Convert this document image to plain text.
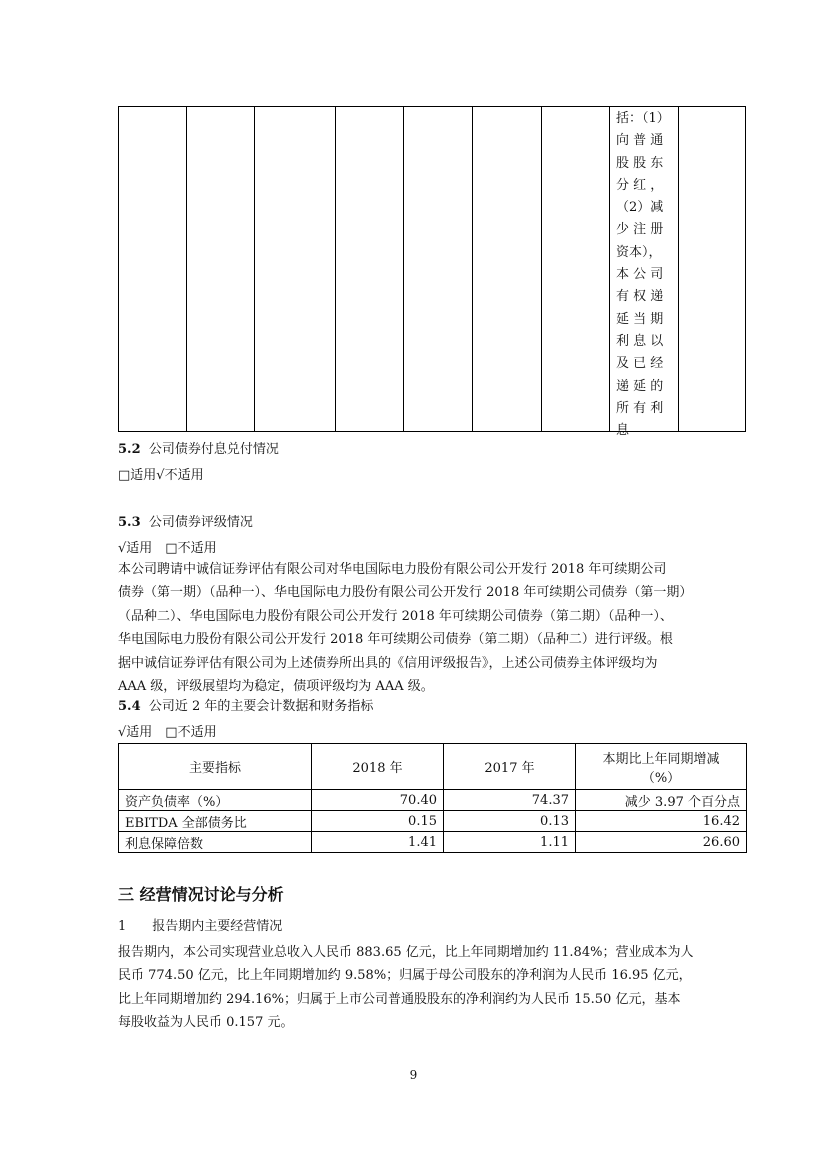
括：（1）
向 普 通
股 股 东
分 红 ，
（2）减
少 注 册
资本），
本 公 司
有 权 递
延 当 期
利 息 以
及 已 经
递 延 的
所 有 利
息
5.2 公司债券付息兑付情况
□适用√不适用
5.3 公司债券评级情况
√适用　□不适用
本公司聘请中诚信证券评估有限公司对华电国际电力股份有限公司公开发行 2018 年可续期公司
债券（第一期）（品种一）、华电国际电力股份有限公司公开发行 2018 年可续期公司债券（第一期）
（品种二）、华电国际电力股份有限公司公开发行 2018 年可续期公司债券（第二期）（品种一）、
华电国际电力股份有限公司公开发行 2018 年可续期公司债券（第二期）（品种二）进行评级。根
据中诚信证券评估有限公司为上述债券所出具的《信用评级报告》，上述公司债券主体评级均为
AAA 级，评级展望均为稳定，债项评级均为 AAA 级。
5.4 公司近 2 年的主要会计数据和财务指标
√适用　□不适用
主要指标	2018 年	2017 年	本期比上年同期增减
（%）

资产负债率（%）	70.40	74.37	减少 3.97 个百分点
EBITDA 全部债务比	0.15	0.13	16.42
利息保障倍数	1.41	1.11	26.60
三 经营情况讨论与分析
1　　报告期内主要经营情况
报告期内，本公司实现营业总收入人民币 883.65 亿元，比上年同期增加约 11.84%；营业成本为人
民币 774.50 亿元，比上年同期增加约 9.58%；归属于母公司股东的净利润为人民币 16.95 亿元，
比上年同期增加约 294.16%；归属于上市公司普通股股东的净利润约为人民币 15.50 亿元，基本
每股收益为人民币 0.157 元。
9
